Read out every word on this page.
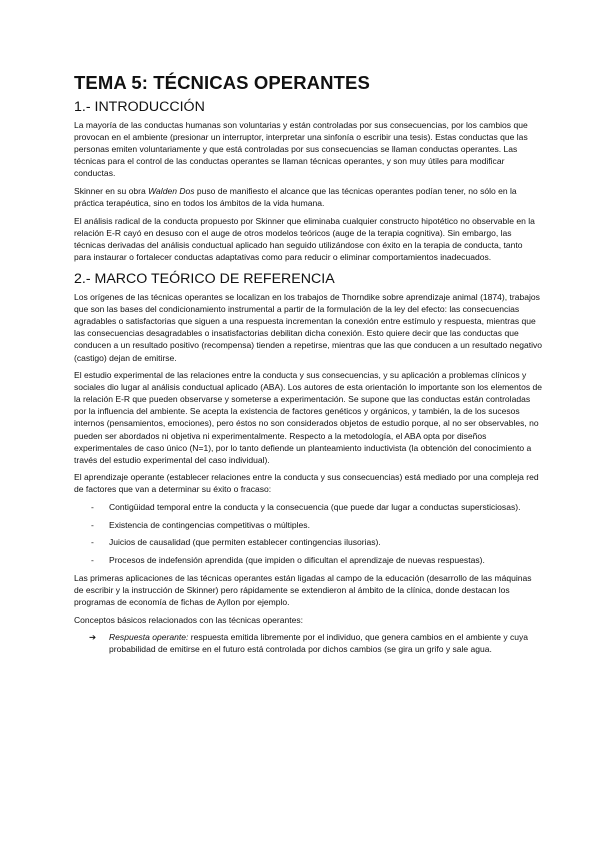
TEMA 5: TÉCNICAS OPERANTES
1.- INTRODUCCIÓN

La mayoría de las conductas humanas son voluntarias y están controladas por sus consecuencias, por los cambios que provocan en el ambiente (presionar un interruptor, interpretar una sinfonía o escribir una tesis). Estas conductas que las personas emiten voluntariamente y que está controladas por sus consecuencias se llaman conductas operantes. Las técnicas para el control de las conductas operantes se llaman técnicas operantes, y son muy útiles para modificar conductas.

Skinner en su obra Walden Dos puso de manifiesto el alcance que las técnicas operantes podían tener, no sólo en la práctica terapéutica, sino en todos los ámbitos de la vida humana.

El análisis radical de la conducta propuesto por Skinner que eliminaba cualquier constructo hipotético no observable en la relación E-R cayó en desuso con el auge de otros modelos teóricos (auge de la terapia cognitiva). Sin embargo, las técnicas derivadas del análisis conductual aplicado han seguido utilizándose con éxito en la terapia de conducta, tanto para instaurar o fortalecer conductas adaptativas como para reducir o eliminar comportamientos inadecuados.

2.- MARCO TEÓRICO DE REFERENCIA

Los orígenes de las técnicas operantes se localizan en los trabajos de Thorndike sobre aprendizaje animal (1874), trabajos que son las bases del condicionamiento instrumental a partir de la formulación de la ley del efecto: las consecuencias agradables o satisfactorias que siguen a una respuesta incrementan la conexión entre estímulo y respuesta, mientras que las consecuencias desagradables o insatisfactorias debilitan dicha conexión. Esto quiere decir que las conductas que conducen a un resultado positivo (recompensa) tienden a repetirse, mientras que las que conducen a un resultado negativo (castigo) dejan de emitirse.

El estudio experimental de las relaciones entre la conducta y sus consecuencias, y su aplicación a problemas clínicos y sociales dio lugar al análisis conductual aplicado (ABA). Los autores de esta orientación lo importante son los elementos de la relación E-R que pueden observarse y someterse a experimentación. Se supone que las conductas están controladas por la influencia del ambiente. Se acepta la existencia de factores genéticos y orgánicos, y también, la de los sucesos internos (pensamientos, emociones), pero éstos no son considerados objetos de estudio porque, al no ser observables, no pueden ser abordados ni objetiva ni experimentalmente. Respecto a la metodología, el ABA opta por diseños experimentales de caso único (N=1), por lo tanto defiende un planteamiento inductivista (la obtención del conocimiento a través del estudio experimental del caso individual).

El aprendizaje operante (establecer relaciones entre la conducta y sus consecuencias) está mediado por una compleja red de factores que van a determinar su éxito o fracaso:

- Contigüidad temporal entre la conducta y la consecuencia (que puede dar lugar a conductas supersticiosas).
- Existencia de contingencias competitivas o múltiples.
- Juicios de causalidad (que permiten establecer contingencias ilusorias).
- Procesos de indefensión aprendida (que impiden o dificultan el aprendizaje de nuevas respuestas).

Las primeras aplicaciones de las técnicas operantes están ligadas al campo de la educación (desarrollo de las máquinas de escribir y la instrucción de Skinner) pero rápidamente se extendieron al ámbito de la clínica, donde destacan los programas de economía de fichas de Ayllon por ejemplo.

Conceptos básicos relacionados con las técnicas operantes:

➔ Respuesta operante: respuesta emitida libremente por el individuo, que genera cambios en el ambiente y cuya probabilidad de emitirse en el futuro está controlada por dichos cambios (se gira un grifo y sale agua.
